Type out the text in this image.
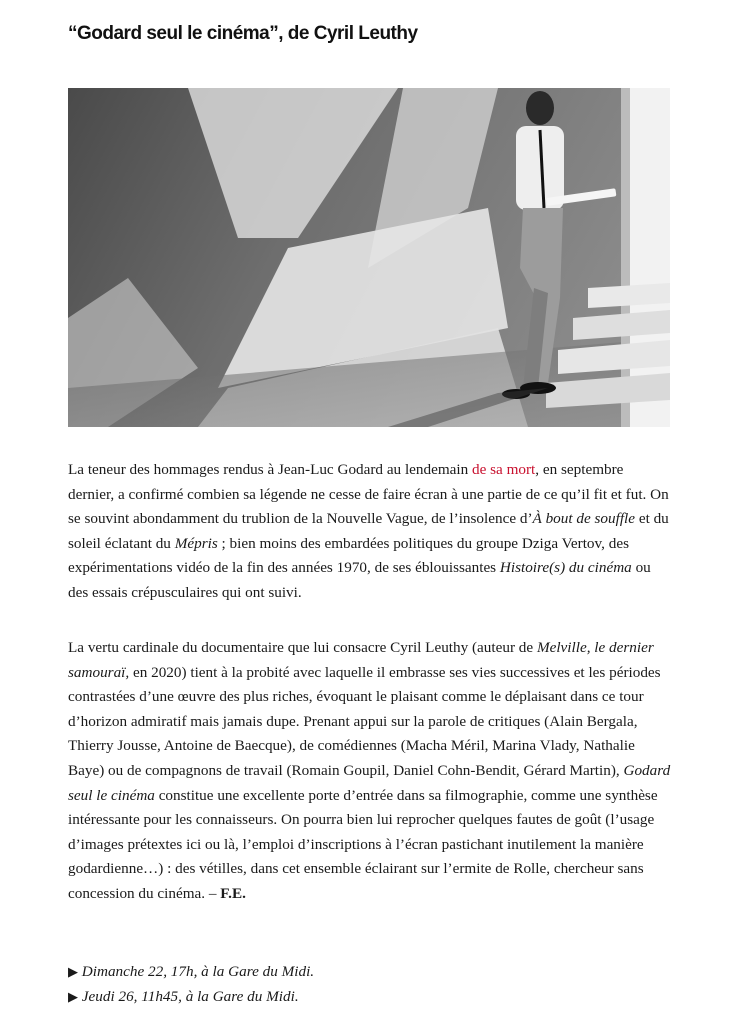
“Godard seul le cinéma”, de Cyril Leuthy

La teneur des hommages rendus à Jean-Luc Godard au lendemain de sa mort, en septembre dernier, a confirmé combien sa légende ne cesse de faire écran à une partie de ce qu’il fit et fut. On se souvint abondamment du trublion de la Nouvelle Vague, de l’insolence d’À bout de souffle et du soleil éclatant du Mépris ; bien moins des embardées politiques du groupe Dziga Vertov, des expérimentations vidéo de la fin des années 1970, de ses éblouissantes Histoire(s) du cinéma ou des essais crépusculaires qui ont suivi.

La vertu cardinale du documentaire que lui consacre Cyril Leuthy (auteur de Melville, le dernier samouraï, en 2020) tient à la probité avec laquelle il embrasse ses vies successives et les périodes contrastées d’une œuvre des plus riches, évoquant le plaisant comme le déplaisant dans ce tour d’horizon admiratif mais jamais dupe. Prenant appui sur la parole de critiques (Alain Bergala, Thierry Jousse, Antoine de Baecque), de comédiennes (Macha Méril, Marina Vlady, Nathalie Baye) ou de compagnons de travail (Romain Goupil, Daniel Cohn-Bendit, Gérard Martin), Godard seul le cinéma constitue une excellente porte d’entrée dans sa filmographie, comme une synthèse intéressante pour les connaisseurs. On pourra bien lui reprocher quelques fautes de goût (l’usage d’images prétextes ici ou là, l’emploi d’inscriptions à l’écran pastichant inutilement la manière godardienne…) : des vétilles, dans cet ensemble éclairant sur l’ermite de Rolle, chercheur sans concession du cinéma. – F.E.

▶ Dimanche 22, 17h, à la Gare du Midi.
▶ Jeudi 26, 11h45, à la Gare du Midi.
